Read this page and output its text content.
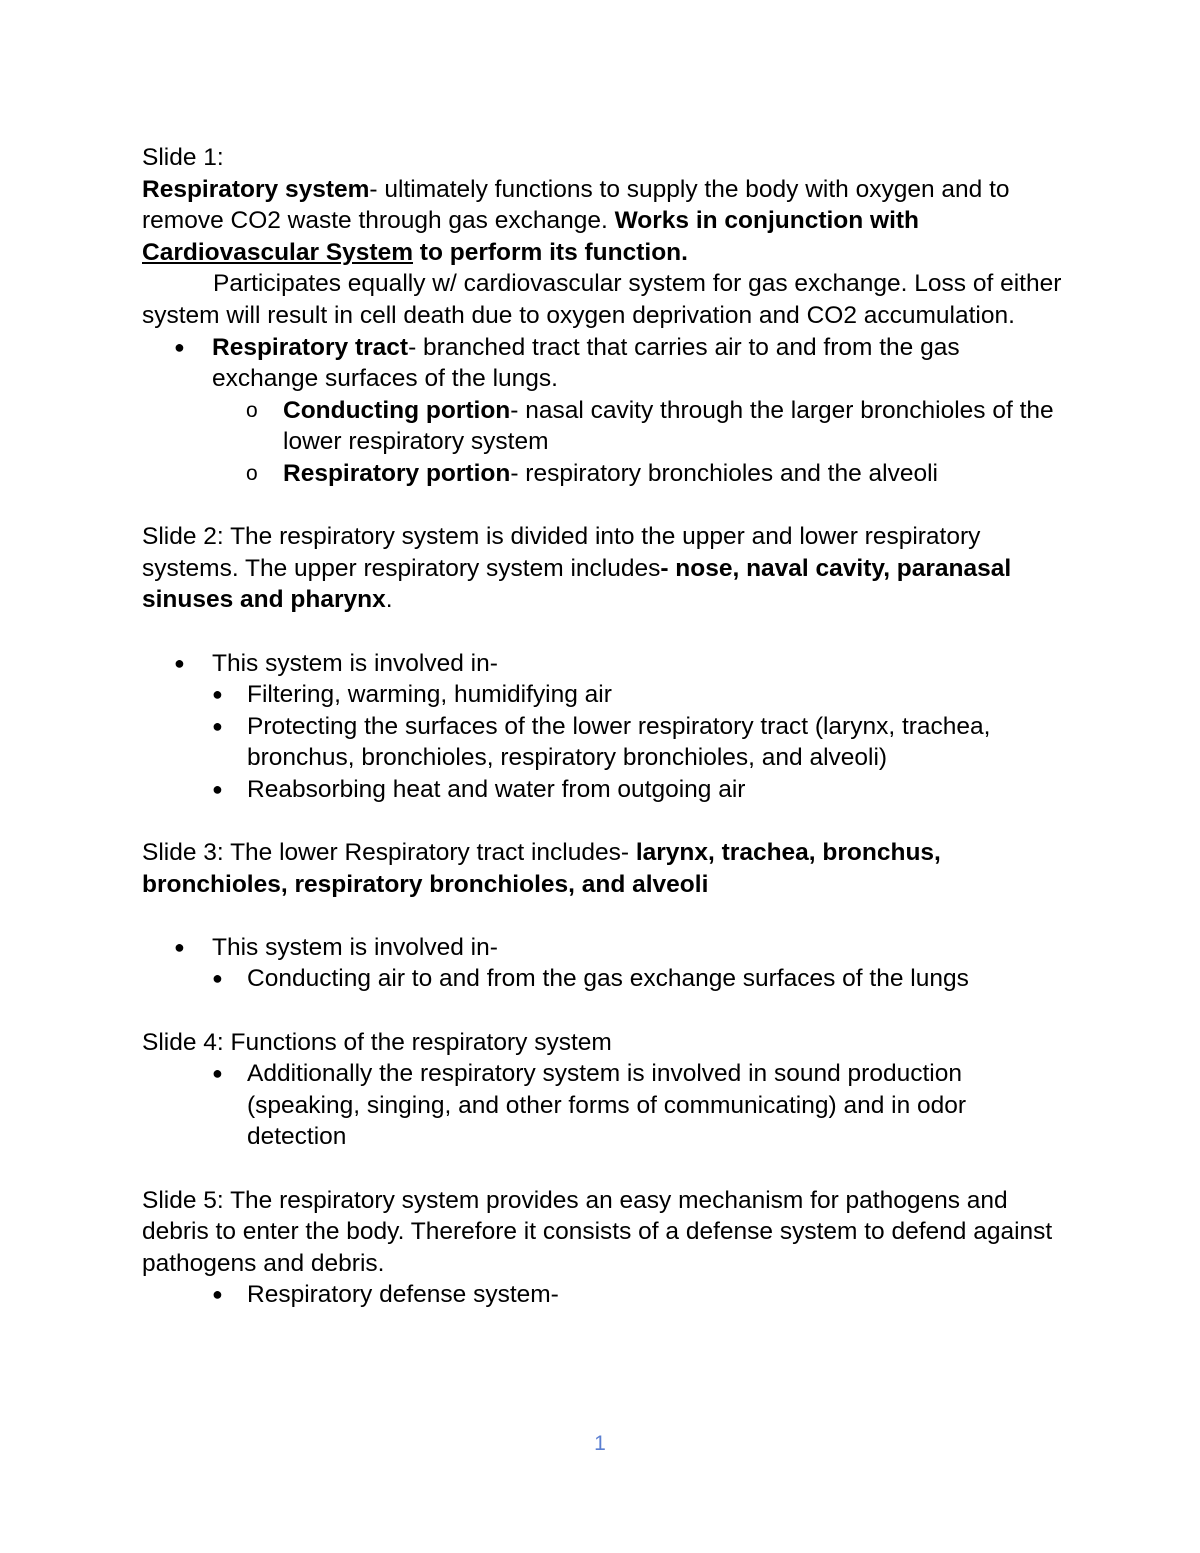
Slide 1:

Respiratory system- ultimately functions to supply the body with oxygen and to remove CO2 waste through gas exchange. Works in conjunction with Cardiovascular System to perform its function.

Participates equally w/ cardiovascular system for gas exchange. Loss of either system will result in cell death due to oxygen deprivation and CO2 accumulation.

● Respiratory tract- branched tract that carries air to and from the gas exchange surfaces of the lungs.
o Conducting portion- nasal cavity through the larger bronchioles of the lower respiratory system
o Respiratory portion- respiratory bronchioles and the alveoli

Slide 2: The respiratory system is divided into the upper and lower respiratory systems. The upper respiratory system includes- nose, naval cavity, paranasal sinuses and pharynx.

● This system is involved in-
● Filtering, warming, humidifying air
● Protecting the surfaces of the lower respiratory tract (larynx, trachea, bronchus, bronchioles, respiratory bronchioles, and alveoli)
● Reabsorbing heat and water from outgoing air

Slide 3: The lower Respiratory tract includes- larynx, trachea, bronchus, bronchioles, respiratory bronchioles, and alveoli

● This system is involved in-
● Conducting air to and from the gas exchange surfaces of the lungs

Slide 4: Functions of the respiratory system

● Additionally the respiratory system is involved in sound production (speaking, singing, and other forms of communicating) and in odor detection

Slide 5: The respiratory system provides an easy mechanism for pathogens and debris to enter the body. Therefore it consists of a defense system to defend against pathogens and debris.

● Respiratory defense system-
1
